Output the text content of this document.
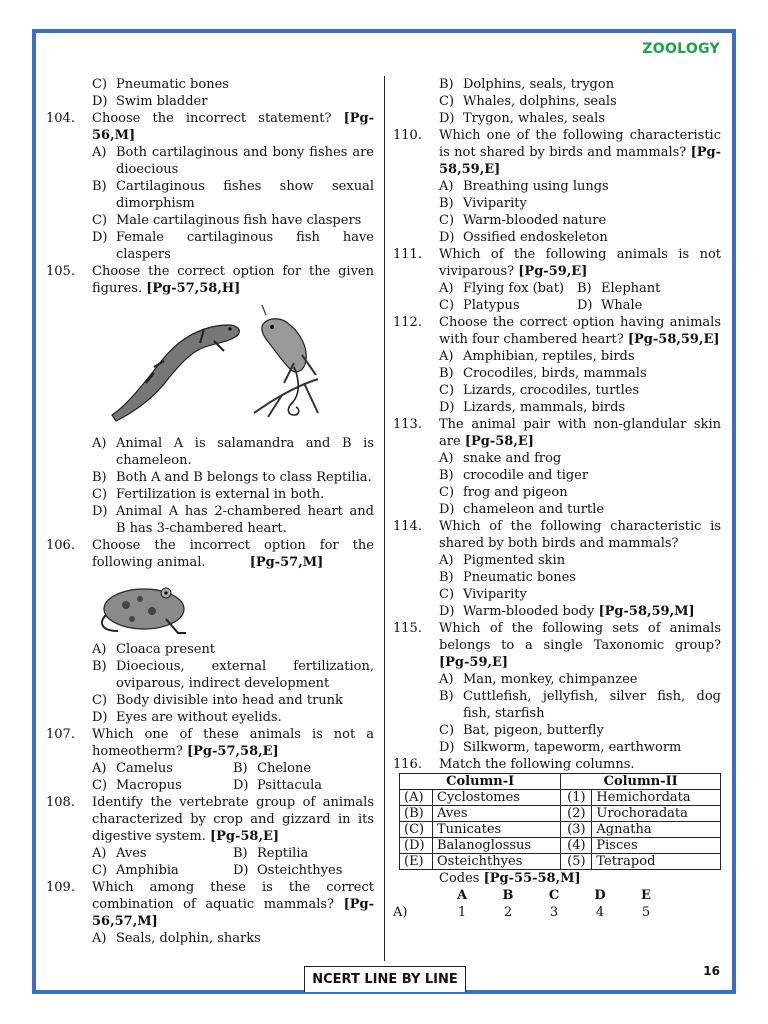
ZOOLOGY
C) Pneumatic bones
D) Swim bladder
104.	Choose the incorrect statement? [Pg-56,M]
A) Both cartilaginous and bony fishes are dioecious
B) Cartilaginous fishes show sexual dimorphism
C) Male cartilaginous fish have claspers
D) Female cartilaginous fish have claspers
105.	Choose the correct option for the given figures. [Pg-57,58,H]
A) Animal A is salamandra and B is chameleon.
B) Both A and B belongs to class Reptilia.
C) Fertilization is external in both.
D) Animal A has 2-chambered heart and B has 3-chambered heart.
106.	Choose the incorrect option for the following animal.	[Pg-57,M]
A) Cloaca present
B) Dioecious, external fertilization, oviparous, indirect development
C) Body divisible into head and trunk
D) Eyes are without eyelids.
107.	Which one of these animals is not a homeotherm? [Pg-57,58,E]
A) Camelus	B) Chelone
C) Macropus	D) Psittacula
108.	Identify the vertebrate group of animals characterized by crop and gizzard in its digestive system. [Pg-58,E]
A) Aves	B) Reptilia
C) Amphibia	D) Osteichthyes
109.	Which among these is the correct combination of aquatic mammals? [Pg-56,57,M]
A) Seals, dolphin, sharks
B) Dolphins, seals, trygon
C) Whales, dolphins, seals
D) Trygon, whales, seals
110.	Which one of the following characteristic is not shared by birds and mammals? [Pg-58,59,E]
A) Breathing using lungs
B) Viviparity
C) Warm-blooded nature
D) Ossified endoskeleton
111.	Which of the following animals is not viviparous? [Pg-59,E]
A) Flying fox (bat) B) Elephant
C) Platypus	D) Whale
112.	Choose the correct option having animals with four chambered heart? [Pg-58,59,E]
A) Amphibian, reptiles, birds
B) Crocodiles, birds, mammals
C) Lizards, crocodiles, turtles
D) Lizards, mammals, birds
113.	The animal pair with non-glandular skin are [Pg-58,E]
A) snake and frog
B) crocodile and tiger
C) frog and pigeon
D) chameleon and turtle
114.	Which of the following characteristic is shared by both birds and mammals?
A) Pigmented skin
B) Pneumatic bones
C) Viviparity
D) Warm-blooded body [Pg-58,59,M]
115.	Which of the following sets of animals belongs to a single Taxonomic group? [Pg-59,E]
A) Man, monkey, chimpanzee
B) Cuttlefish, jellyfish, silver fish, dog fish, starfish
C) Bat, pigeon, butterfly
D) Silkworm, tapeworm, earthworm
116.	Match the following columns.
Column-I		Column-II	
(A)	Cyclostomes	(1)	Hemichordata
(B)	Aves	(2)	Urochoradata
(C)	Tunicates	(3)	Agnatha
(D)	Balanoglossus	(4)	Pisces
(E)	Osteichthyes	(5)	Tetrapod
Codes [Pg-55-58,M]
A	B	C	D	E
A)	1	2	3	4	5
NCERT LINE BY LINE
16
